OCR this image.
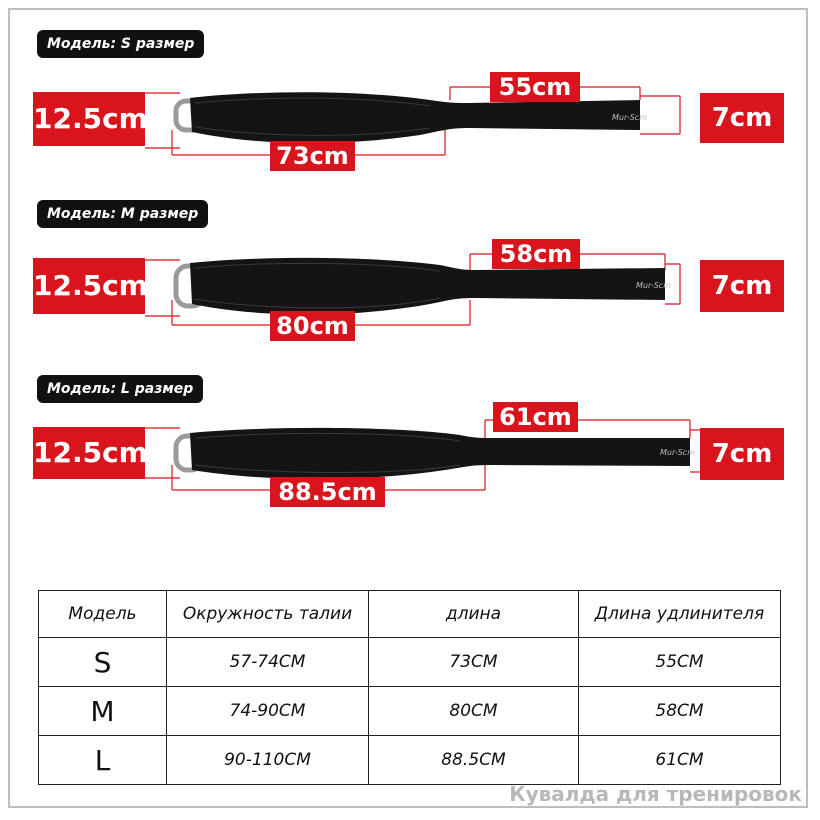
Модель: S размер
Mur-Scm
12.5cm
73cm
55cm
7cm
Модель: M размер
Mur-Scm
12.5cm
80cm
58cm
7cm
Модель: L размер
Mur-Scm
12.5cm
88.5cm
61cm
7cm
Модель	Окружность талии	длина	Длина удлинителя
S	57-74CM	73CM	55CM
M	74-90CM	80CM	58CM
L	90-110CM	88.5CM	61CM
Кувалда для тренировок
